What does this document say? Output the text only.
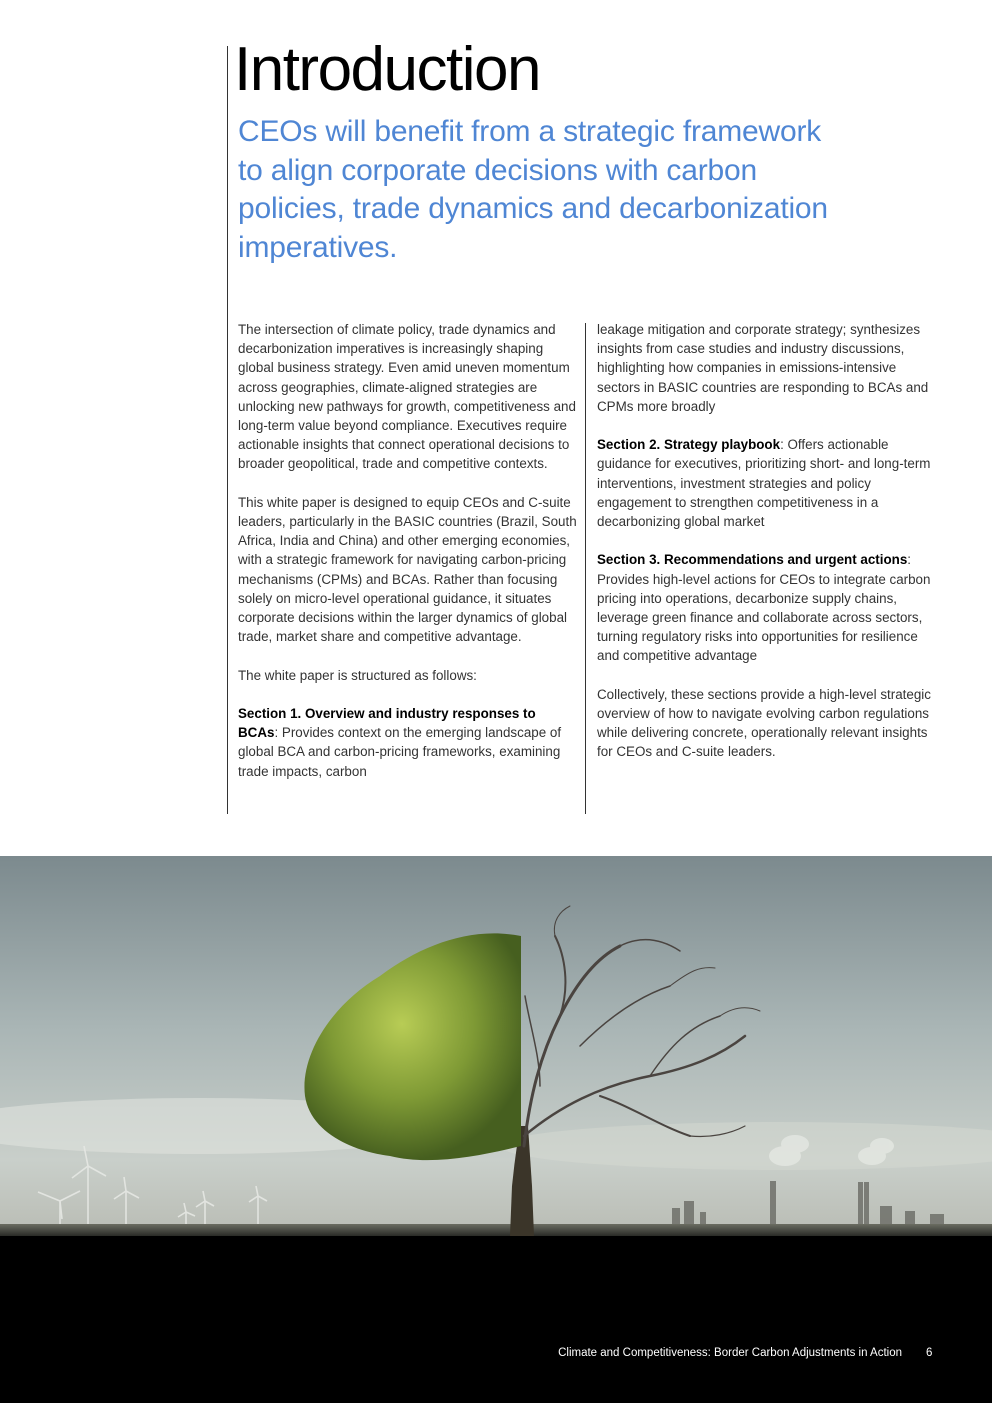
Introduction

CEOs will benefit from a strategic framework to align corporate decisions with carbon policies, trade dynamics and decarbonization imperatives.

The intersection of climate policy, trade dynamics and decarbonization imperatives is increasingly shaping global business strategy. Even amid uneven momentum across geographies, climate-aligned strategies are unlocking new pathways for growth, competitiveness and long-term value beyond compliance. Executives require actionable insights that connect operational decisions to broader geopolitical, trade and competitive contexts.

This white paper is designed to equip CEOs and C-suite leaders, particularly in the BASIC countries (Brazil, South Africa, India and China) and other emerging economies, with a strategic framework for navigating carbon-pricing mechanisms (CPMs) and BCAs. Rather than focusing solely on micro-level operational guidance, it situates corporate decisions within the larger dynamics of global trade, market share and competitive advantage.

The white paper is structured as follows:

Section 1. Overview and industry responses to BCAs: Provides context on the emerging landscape of global BCA and carbon-pricing frameworks, examining trade impacts, carbon

leakage mitigation and corporate strategy; synthesizes insights from case studies and industry discussions, highlighting how companies in emissions-intensive sectors in BASIC countries are responding to BCAs and CPMs more broadly

Section 2. Strategy playbook: Offers actionable guidance for executives, prioritizing short- and long-term interventions, investment strategies and policy engagement to strengthen competitiveness in a decarbonizing global market

Section 3. Recommendations and urgent actions: Provides high-level actions for CEOs to integrate carbon pricing into operations, decarbonize supply chains, leverage green finance and collaborate across sectors, turning regulatory risks into opportunities for resilience and competitive advantage

Collectively, these sections provide a high-level strategic overview of how to navigate evolving carbon regulations while delivering concrete, operationally relevant insights for CEOs and C-suite leaders.

Climate and Competitiveness: Border Carbon Adjustments in Action 6
